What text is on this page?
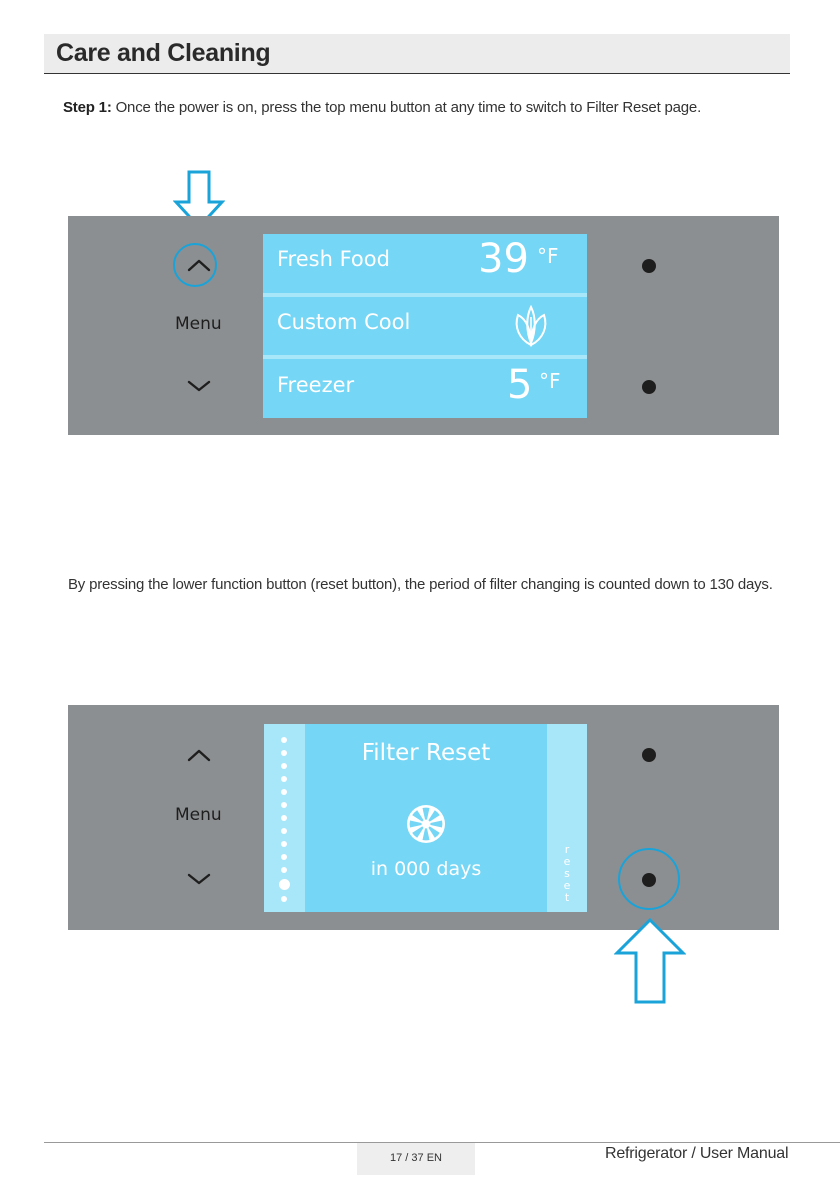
Care and Cleaning

Step 1: Once the power is on, press the top menu button at any time to switch to Filter Reset page.

Menu
Fresh Food 39 °F
Custom Cool
Freezer	5 °F

By pressing the lower function button (reset button), the period of filter changing is counted down to 130 days.

Menu
Filter Reset
in 000 days
r
e
s
e
t
17 / 37 EN	Refrigerator / User Manual
